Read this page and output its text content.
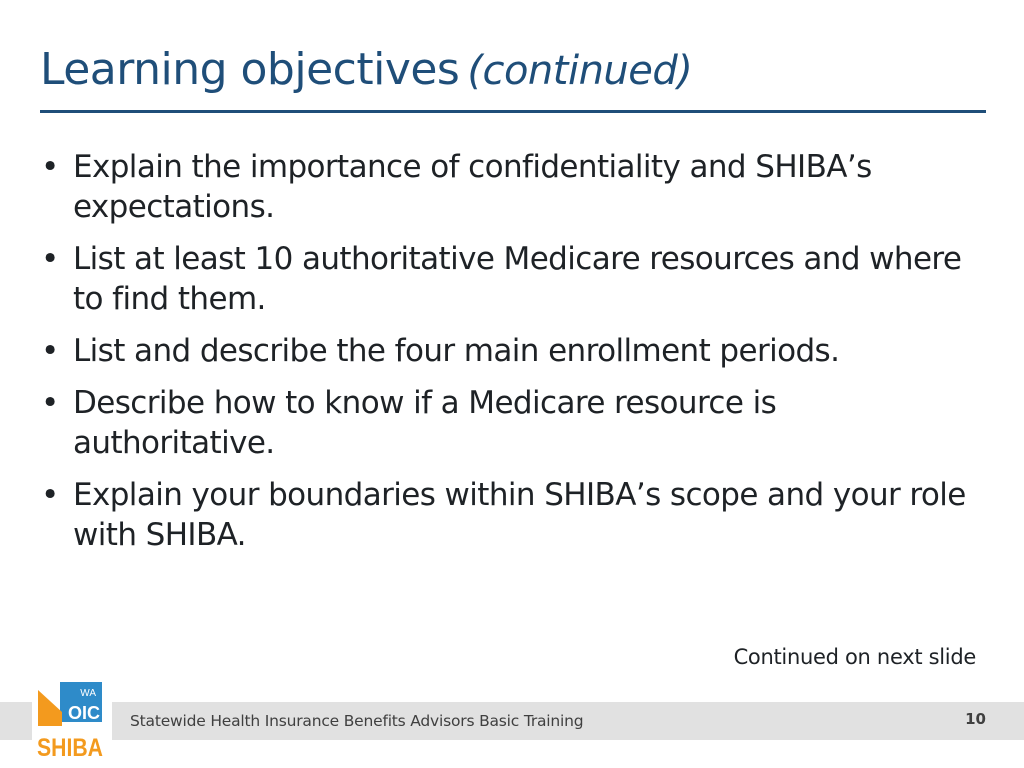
Learning objectives (continued)
• Explain the importance of confidentiality and SHIBA’s expectations.
• List at least 10 authoritative Medicare resources and where to find them.
• List and describe the four main enrollment periods.
• Describe how to know if a Medicare resource is authoritative.
• Explain your boundaries within SHIBA’s scope and your role with SHIBA.
Continued on next slide
Statewide Health Insurance Benefits Advisors Basic Training	10
WA
OIC
SHIBA
